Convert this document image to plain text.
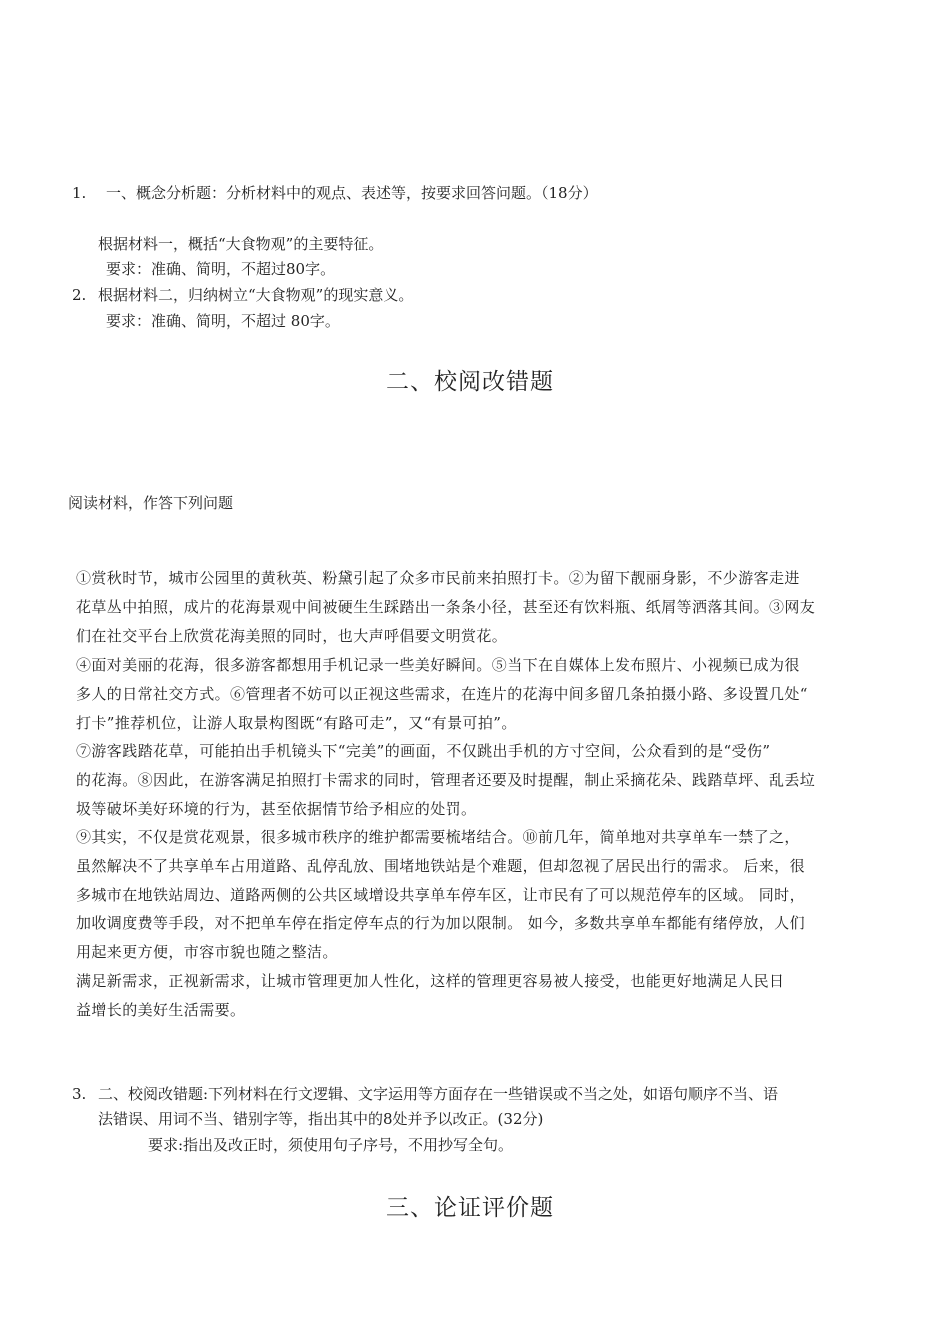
1. 一、概念分析题：分析材料中的观点、表述等，按要求回答问题。（18分）
根据材料一，概括“大食物观”的主要特征。
要求：准确、简明，不超过80字。
2. 根据材料二，归纳树立“大食物观”的现实意义。
要求：准确、简明，不超过 80字。
二、校阅改错题
阅读材料，作答下列问题
①赏秋时节，城市公园里的黄秋英、粉黛引起了众多市民前来拍照打卡。②为留下靓丽身影，不少游客走进
花草丛中拍照，成片的花海景观中间被硬生生踩踏出一条条小径，甚至还有饮料瓶、纸屑等洒落其间。③网友
们在社交平台上欣赏花海美照的同时，也大声呼倡要文明赏花。
④面对美丽的花海，很多游客都想用手机记录一些美好瞬间。⑤当下在自媒体上发布照片、小视频已成为很
多人的日常社交方式。⑥管理者不妨可以正视这些需求，在连片的花海中间多留几条拍摄小路、多设置几处“
打卡”推荐机位，让游人取景构图既“有路可走”，又“有景可拍”。
⑦游客践踏花草，可能拍出手机镜头下“完美”的画面，不仅跳出手机的方寸空间，公众看到的是“受伤”
的花海。⑧因此，在游客满足拍照打卡需求的同时，管理者还要及时提醒，制止采摘花朵、践踏草坪、乱丢垃
圾等破坏美好环境的行为，甚至依据情节给予相应的处罚。
⑨其实，不仅是赏花观景，很多城市秩序的维护都需要梳堵结合。⑩前几年，简单地对共享单车一禁了之，
虽然解决不了共享单车占用道路、乱停乱放、围堵地铁站是个难题，但却忽视了居民出行的需求。 后来，很
多城市在地铁站周边、道路两侧的公共区域增设共享单车停车区，让市民有了可以规范停车的区域。 同时，
加收调度费等手段，对不把单车停在指定停车点的行为加以限制。 如今，多数共享单车都能有绪停放，人们
用起来更方便，市容市貌也随之整洁。
满足新需求，正视新需求，让城市管理更加人性化，这样的管理更容易被人接受，也能更好地满足人民日
益增长的美好生活需要。
3. 二、校阅改错题:下列材料在行文逻辑、文字运用等方面存在一些错误或不当之处，如语句顺序不当、语
法错误、用词不当、错别字等，指出其中的8处并予以改正。(32分)
要求:指出及改正时，须使用句子序号，不用抄写全句。
三、论证评价题
